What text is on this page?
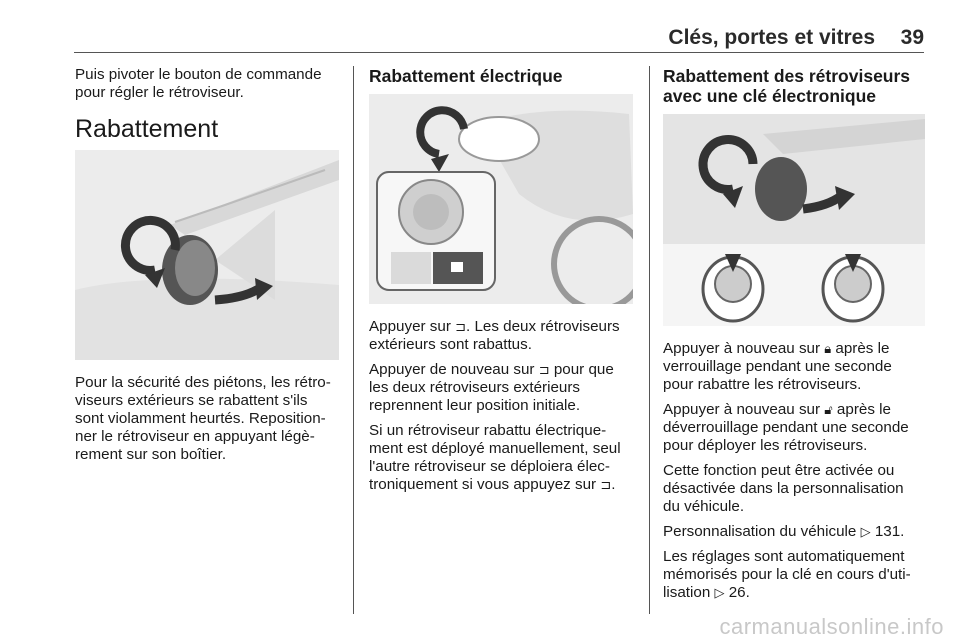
Clés, portes et vitres 39

Puis pivoter le bouton de commande
pour régler le rétroviseur.

Rabattement

Pour la sécurité des piétons, les rétro-
viseurs extérieurs se rabattent s'ils
sont violamment heurtés. Reposition-
ner le rétroviseur en appuyant légè-
rement sur son boîtier.

Rabattement électrique

Appuyer sur ⊐. Les deux rétroviseurs
extérieurs sont rabattus.

Appuyer de nouveau sur ⊐ pour que
les deux rétroviseurs extérieurs
reprennent leur position initiale.

Si un rétroviseur rabattu électrique-
ment est déployé manuellement, seul
l'autre rétroviseur se déploiera élec-
troniquement si vous appuyez sur ⊐.

Rabattement des rétroviseurs
avec une clé électronique

Appuyer à nouveau sur 🔒︎ après le
verrouillage pendant une seconde
pour rabattre les rétroviseurs.

Appuyer à nouveau sur 🔓︎ après le
déverrouillage pendant une seconde
pour déployer les rétroviseurs.

Cette fonction peut être activée ou
désactivée dans la personnalisation
du véhicule.

Personnalisation du véhicule ▷ 131.

Les réglages sont automatiquement
mémorisés pour la clé en cours d'uti-
lisation ▷ 26.

carmanualsonline.info
